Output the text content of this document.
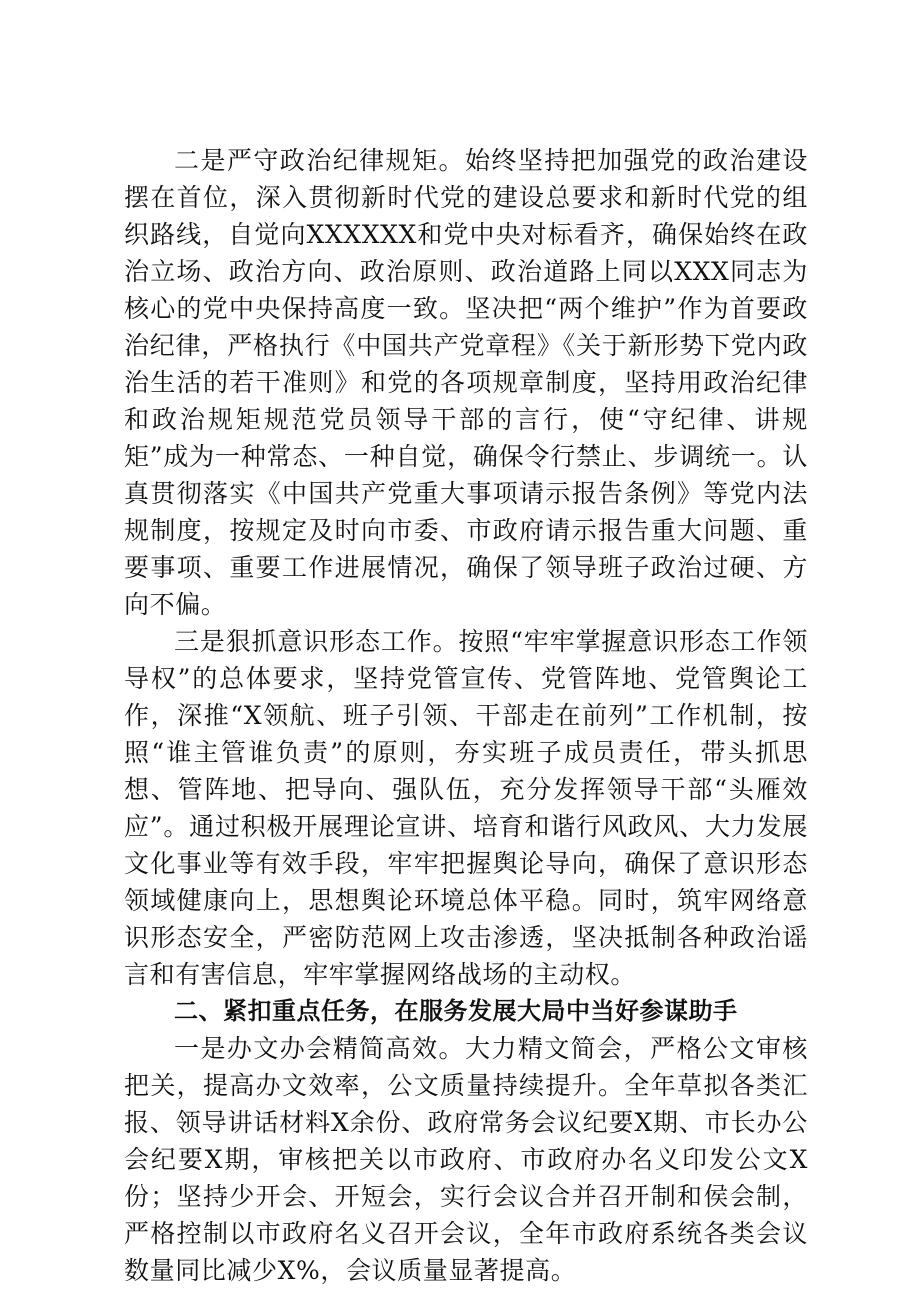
二是严守政治纪律规矩。始终坚持把加强党的政治建设摆在首位，深入贯彻新时代党的建设总要求和新时代党的组织路线，自觉向XXXXXX和党中央对标看齐，确保始终在政治立场、政治方向、政治原则、政治道路上同以XXX同志为核心的党中央保持高度一致。坚决把“两个维护”作为首要政治纪律，严格执行《中国共产党章程》《关于新形势下党内政治生活的若干准则》和党的各项规章制度，坚持用政治纪律和政治规矩规范党员领导干部的言行，使“守纪律、讲规矩”成为一种常态、一种自觉，确保令行禁止、步调统一。认真贯彻落实《中国共产党重大事项请示报告条例》等党内法规制度，按规定及时向市委、市政府请示报告重大问题、重要事项、重要工作进展情况，确保了领导班子政治过硬、方向不偏。

三是狠抓意识形态工作。按照“牢牢掌握意识形态工作领导权”的总体要求，坚持党管宣传、党管阵地、党管舆论工作，深推“X领航、班子引领、干部走在前列”工作机制，按照“谁主管谁负责”的原则，夯实班子成员责任，带头抓思想、管阵地、把导向、强队伍，充分发挥领导干部“头雁效应”。通过积极开展理论宣讲、培育和谐行风政风、大力发展文化事业等有效手段，牢牢把握舆论导向，确保了意识形态领域健康向上，思想舆论环境总体平稳。同时，筑牢网络意识形态安全，严密防范网上攻击渗透，坚决抵制各种政治谣言和有害信息，牢牢掌握网络战场的主动权。

二、紧扣重点任务，在服务发展大局中当好参谋助手

一是办文办会精简高效。大力精文简会，严格公文审核把关，提高办文效率，公文质量持续提升。全年草拟各类汇报、领导讲话材料X余份、政府常务会议纪要X期、市长办公会纪要X期，审核把关以市政府、市政府办名义印发公文X份；坚持少开会、开短会，实行会议合并召开制和侯会制，严格控制以市政府名义召开会议，全年市政府系统各类会议数量同比减少X%，会议质量显著提高。
